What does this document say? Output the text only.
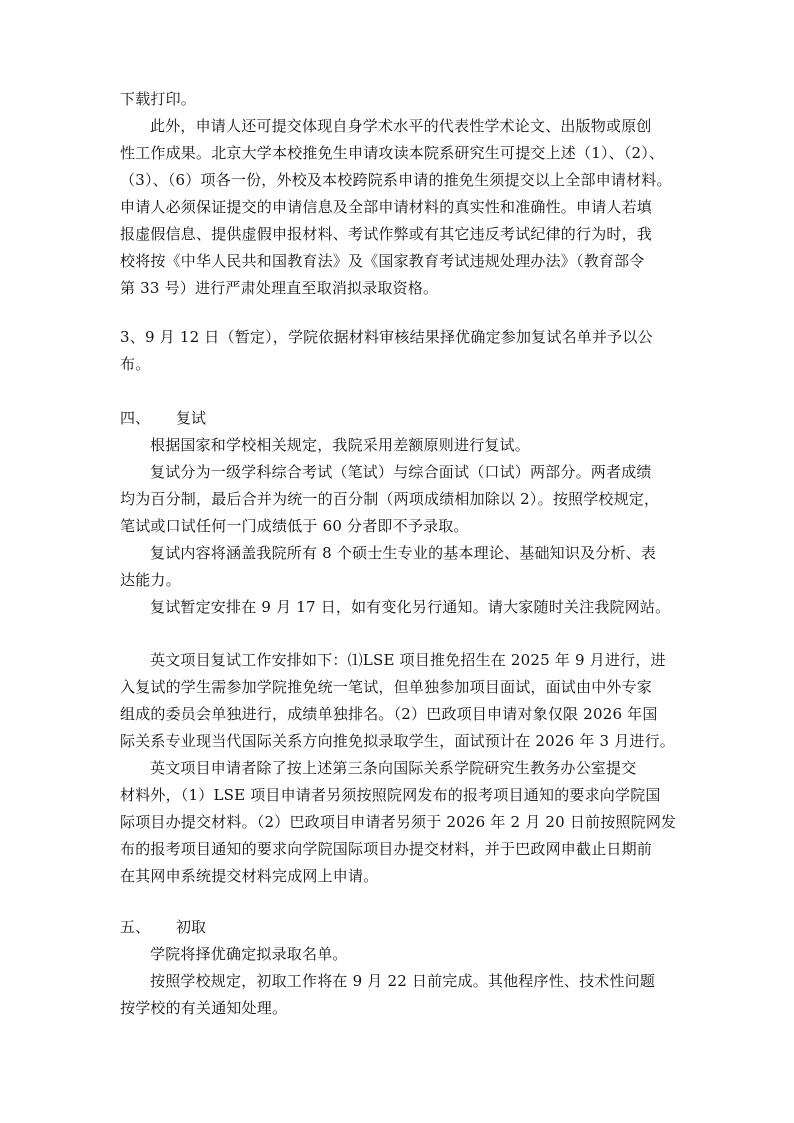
下载打印。
此外，申请人还可提交体现自身学术水平的代表性学术论文、出版物或原创
性工作成果。北京大学本校推免生申请攻读本院系研究生可提交上述（1）、（2）、
（3）、（6）项各一份，外校及本校跨院系申请的推免生须提交以上全部申请材料。
申请人必须保证提交的申请信息及全部申请材料的真实性和准确性。申请人若填
报虚假信息、提供虚假申报材料、考试作弊或有其它违反考试纪律的行为时，我
校将按《中华人民共和国教育法》及《国家教育考试违规处理办法》（教育部令
第 33 号）进行严肃处理直至取消拟录取资格。
3、9 月 12 日（暂定），学院依据材料审核结果择优确定参加复试名单并予以公
布。
四、 复试
根据国家和学校相关规定，我院采用差额原则进行复试。
复试分为一级学科综合考试（笔试）与综合面试（口试）两部分。两者成绩
均为百分制，最后合并为统一的百分制（两项成绩相加除以 2）。按照学校规定，
笔试或口试任何一门成绩低于 60 分者即不予录取。
复试内容将涵盖我院所有 8 个硕士生专业的基本理论、基础知识及分析、表
达能力。
复试暂定安排在 9 月 17 日，如有变化另行通知。请大家随时关注我院网站。
英文项目复试工作安排如下：⑴LSE 项目推免招生在 2025 年 9 月进行，进
入复试的学生需参加学院推免统一笔试，但单独参加项目面试，面试由中外专家
组成的委员会单独进行，成绩单独排名。（2）巴政项目申请对象仅限 2026 年国
际关系专业现当代国际关系方向推免拟录取学生，面试预计在 2026 年 3 月进行。
英文项目申请者除了按上述第三条向国际关系学院研究生教务办公室提交
材料外，（1）LSE 项目申请者另须按照院网发布的报考项目通知的要求向学院国
际项目办提交材料。（2）巴政项目申请者另须于 2026 年 2 月 20 日前按照院网发
布的报考项目通知的要求向学院国际项目办提交材料，并于巴政网申截止日期前
在其网申系统提交材料完成网上申请。
五、 初取
学院将择优确定拟录取名单。
按照学校规定，初取工作将在 9 月 22 日前完成。其他程序性、技术性问题
按学校的有关通知处理。
